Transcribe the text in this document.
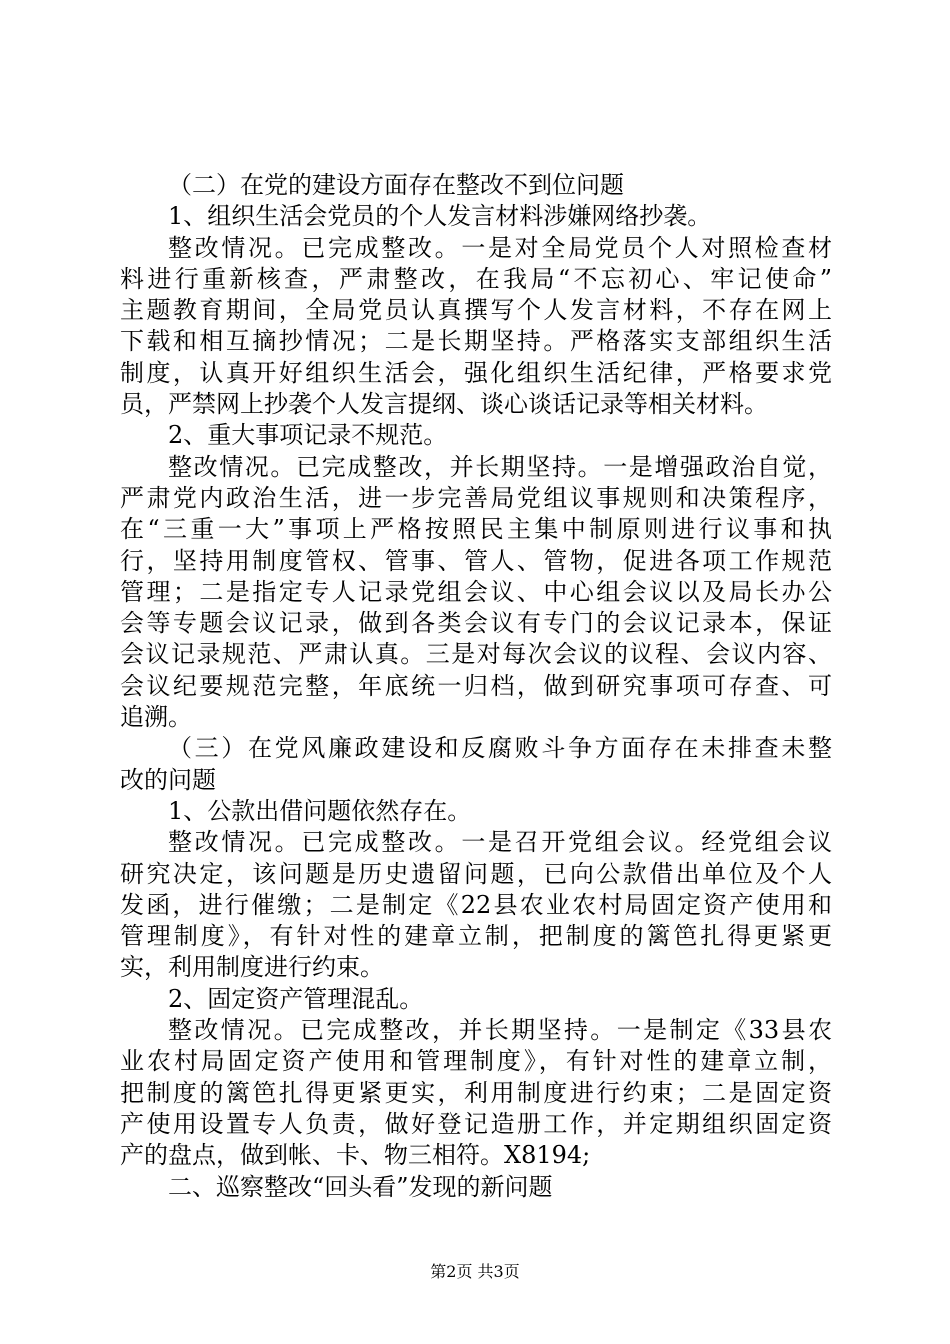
（二）在党的建设方面存在整改不到位问题
1、组织生活会党员的个人发言材料涉嫌网络抄袭。
整改情况。已完成整改。一是对全局党员个人对照检查材
料进行重新核查，严肃整改，在我局“不忘初心、牢记使命”
主题教育期间，全局党员认真撰写个人发言材料，不存在网上
下载和相互摘抄情况；二是长期坚持。严格落实支部组织生活
制度，认真开好组织生活会，强化组织生活纪律，严格要求党
员，严禁网上抄袭个人发言提纲、谈心谈话记录等相关材料。
2、重大事项记录不规范。
整改情况。已完成整改，并长期坚持。一是增强政治自觉，
严肃党内政治生活，进一步完善局党组议事规则和决策程序，
在“三重一大”事项上严格按照民主集中制原则进行议事和执
行，坚持用制度管权、管事、管人、管物，促进各项工作规范
管理；二是指定专人记录党组会议、中心组会议以及局长办公
会等专题会议记录，做到各类会议有专门的会议记录本，保证
会议记录规范、严肃认真。三是对每次会议的议程、会议内容、
会议纪要规范完整，年底统一归档，做到研究事项可存查、可
追溯。
（三）在党风廉政建设和反腐败斗争方面存在未排查未整
改的问题
1、公款出借问题依然存在。
整改情况。已完成整改。一是召开党组会议。经党组会议
研究决定，该问题是历史遗留问题，已向公款借出单位及个人
发函，进行催缴；二是制定《22县农业农村局固定资产使用和
管理制度》，有针对性的建章立制，把制度的篱笆扎得更紧更
实，利用制度进行约束。
2、固定资产管理混乱。
整改情况。已完成整改，并长期坚持。一是制定《33县农
业农村局固定资产使用和管理制度》，有针对性的建章立制，
把制度的篱笆扎得更紧更实，利用制度进行约束；二是固定资
产使用设置专人负责，做好登记造册工作，并定期组织固定资
产的盘点，做到帐、卡、物三相符。X8194;
二、巡察整改“回头看”发现的新问题
第2页 共3页
